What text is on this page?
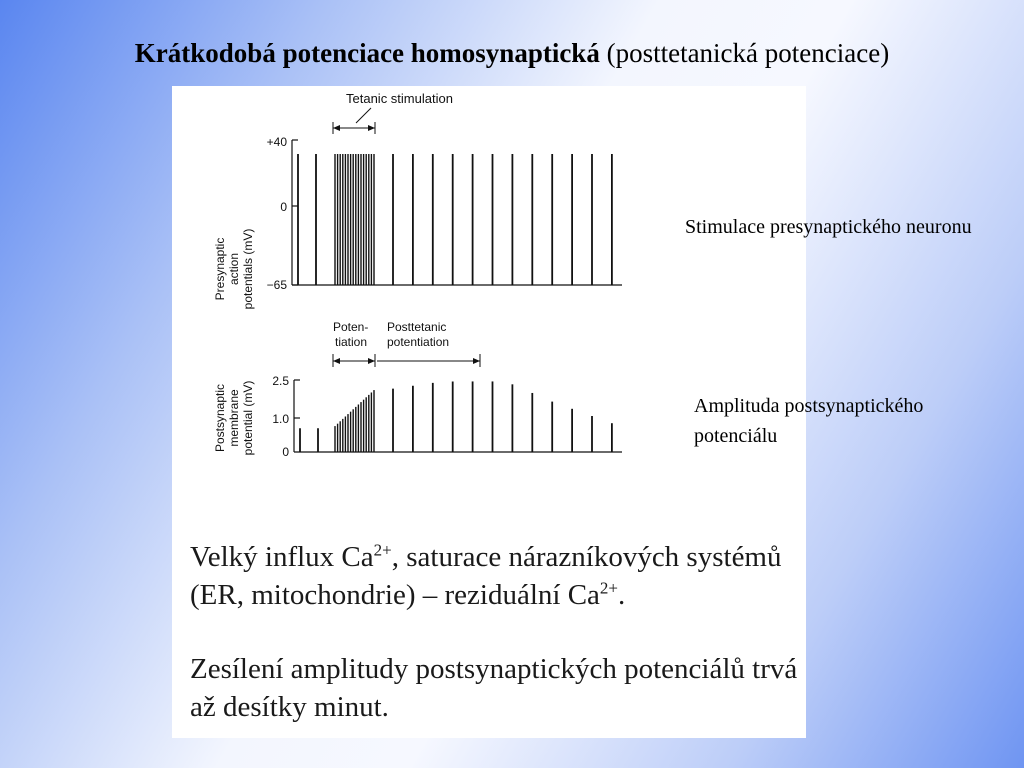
Krátkodobá potenciace homosynaptická (posttetanická potenciace)
Tetanic stimulation
Presynaptic action potentials (mV)
+40
0
−65
Poten-
tiation
Posttetanic
potentiation
Postsynaptic membrane potential (mV) 2.5
1.0
0
Stimulace presynaptického neuronu
Amplituda postsynaptického potenciálu
Velký influx $Ca^{2+}$, saturace nárazníkových systémů (ER, mitochondrie) – reziduální $Ca^{2+}$.
Zesílení amplitudy postsynaptických potenciálů trvá až desítky minut.
